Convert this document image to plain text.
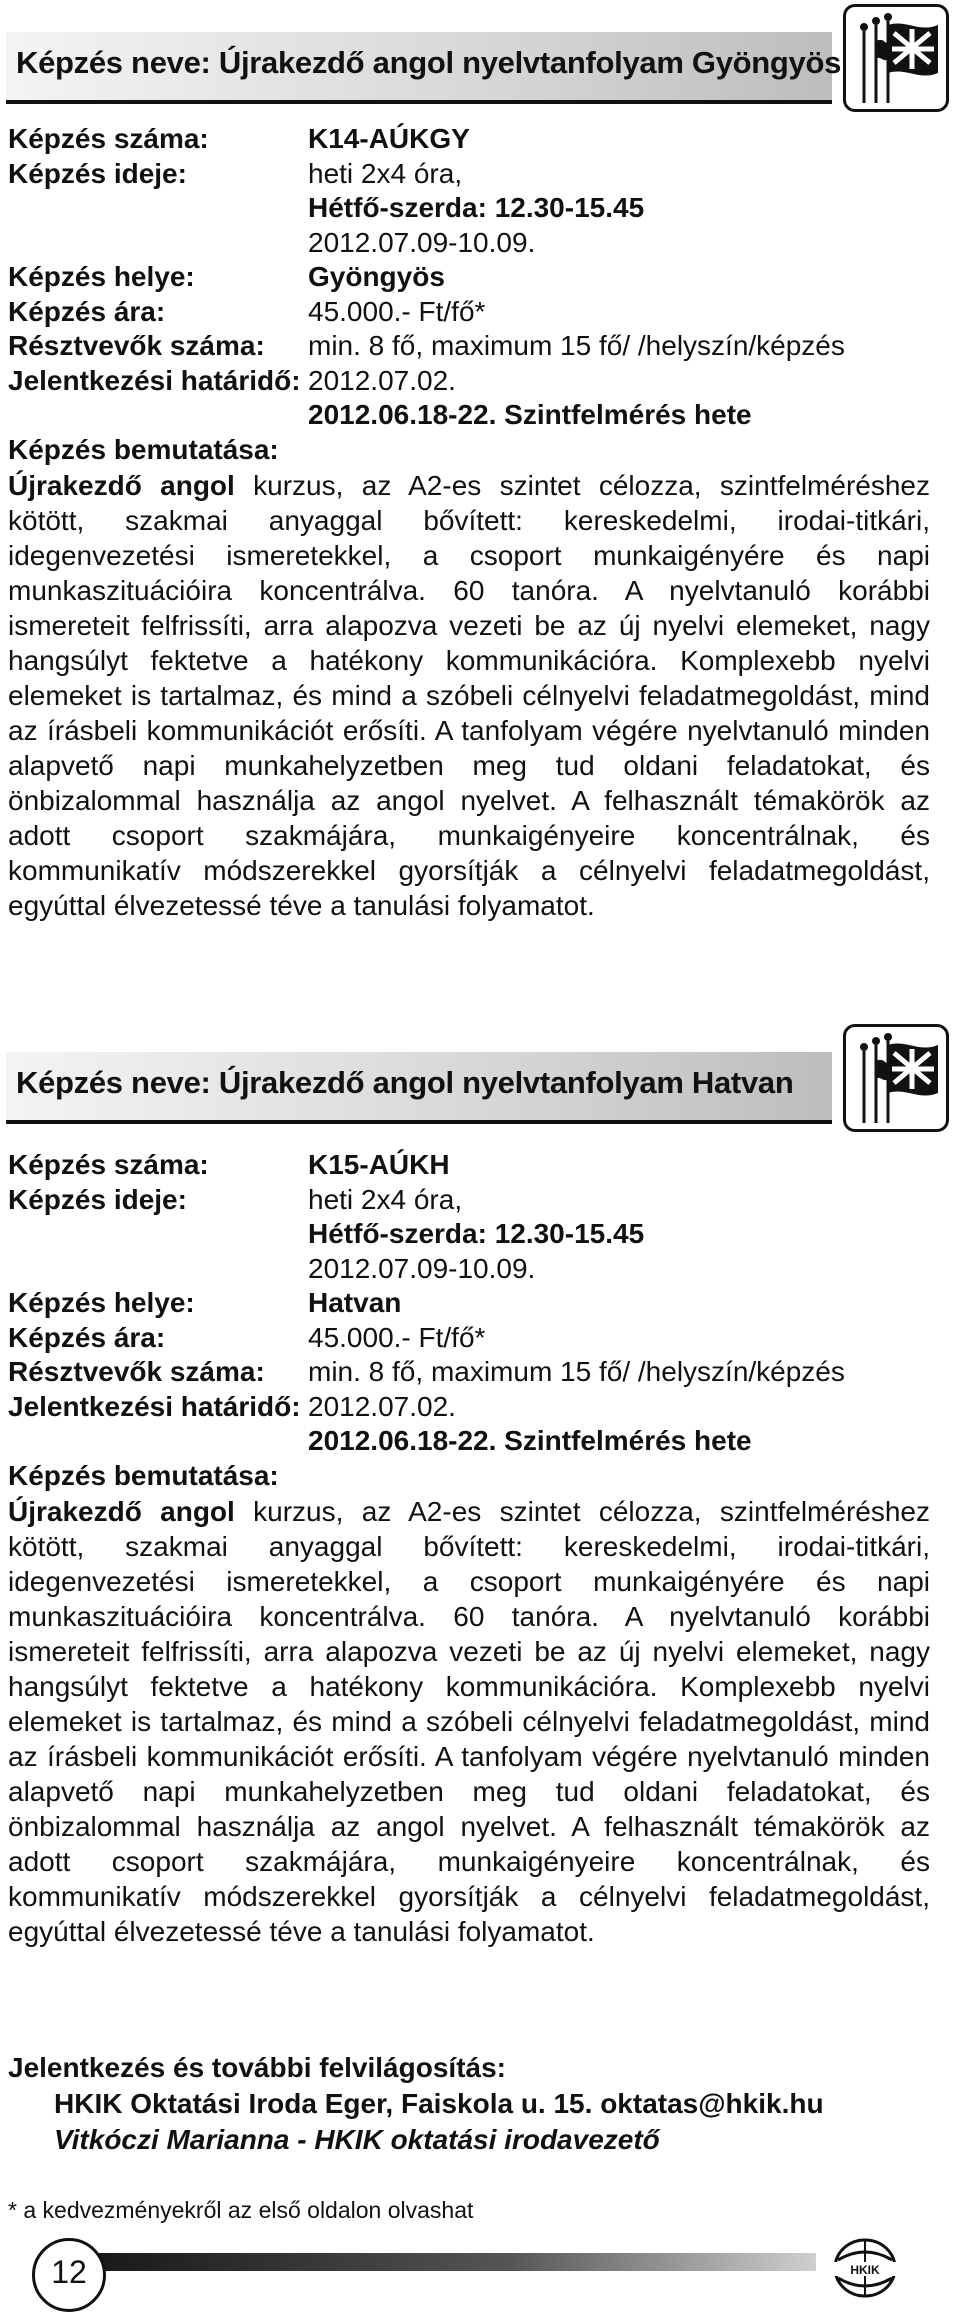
Képzés neve: Újrakezdő angol nyelvtanfolyam Gyöngyös
Képzés száma:	K14-AÚKGY
Képzés ideje:	heti 2x4 óra,
Hétfő-szerda: 12.30-15.45
2012.07.09-10.09.
Képzés helye:	Gyöngyös
Képzés ára:	45.000.- Ft/fő*
Résztvevők száma: min. 8 fő, maximum 15 fő/ /helyszín/képzés
Jelentkezési határidő: 2012.07.02.
2012.06.18-22. Szintfelmérés hete
Képzés bemutatása:
Újrakezdő angol kurzus, az A2-es szintet célozza, szintfelméréshez kötött, szakmai anyaggal bővített: kereskedelmi, irodai-titkári, idegenvezetési ismeretekkel, a csoport munkaigényére és napi munkaszituációira koncentrálva. 60 tanóra. A nyelvtanuló korábbi ismereteit felfrissíti, arra alapozva vezeti be az új nyelvi elemeket, nagy hangsúlyt fektetve a hatékony kommunikációra. Komplexebb nyelvi elemeket is tartalmaz, és mind a szóbeli célnyelvi feladatmegoldást, mind az írásbeli kommunikációt erősíti. A tanfolyam végére nyelvtanuló minden alapvető napi munkahelyzetben meg tud oldani feladatokat, és önbizalommal használja az angol nyelvet. A felhasznált témakörök az adott csoport szakmájára, munkaigényeire koncentrálnak, és kommunikatív módszerekkel gyorsítják a célnyelvi feladatmegoldást, egyúttal élvezetessé téve a tanulási folyamatot.
Képzés neve: Újrakezdő angol nyelvtanfolyam Hatvan
Képzés száma:	K15-AÚKH
Képzés ideje:	heti 2x4 óra,
Hétfő-szerda: 12.30-15.45
2012.07.09-10.09.
Képzés helye:	Hatvan
Képzés ára:	45.000.- Ft/fő*
Résztvevők száma: min. 8 fő, maximum 15 fő/ /helyszín/képzés
Jelentkezési határidő: 2012.07.02.
2012.06.18-22. Szintfelmérés hete
Képzés bemutatása:
Újrakezdő angol kurzus, az A2-es szintet célozza, szintfelméréshez kötött, szakmai anyaggal bővített: kereskedelmi, irodai-titkári, idegenvezetési ismeretekkel, a csoport munkaigényére és napi munkaszituációira koncentrálva. 60 tanóra. A nyelvtanuló korábbi ismereteit felfrissíti, arra alapozva vezeti be az új nyelvi elemeket, nagy hangsúlyt fektetve a hatékony kommunikációra. Komplexebb nyelvi elemeket is tartalmaz, és mind a szóbeli célnyelvi feladatmegoldást, mind az írásbeli kommunikációt erősíti. A tanfolyam végére nyelvtanuló minden alapvető napi munkahelyzetben meg tud oldani feladatokat, és önbizalommal használja az angol nyelvet. A felhasznált témakörök az adott csoport szakmájára, munkaigényeire koncentrálnak, és kommunikatív módszerekkel gyorsítják a célnyelvi feladatmegoldást, egyúttal élvezetessé téve a tanulási folyamatot.
Jelentkezés és további felvilágosítás:
HKIK Oktatási Iroda Eger, Faiskola u. 15. oktatas@hkik.hu
Vitkóczi Marianna - HKIK oktatási irodavezető
* a kedvezményekről az első oldalon olvashat
12	HKIK
